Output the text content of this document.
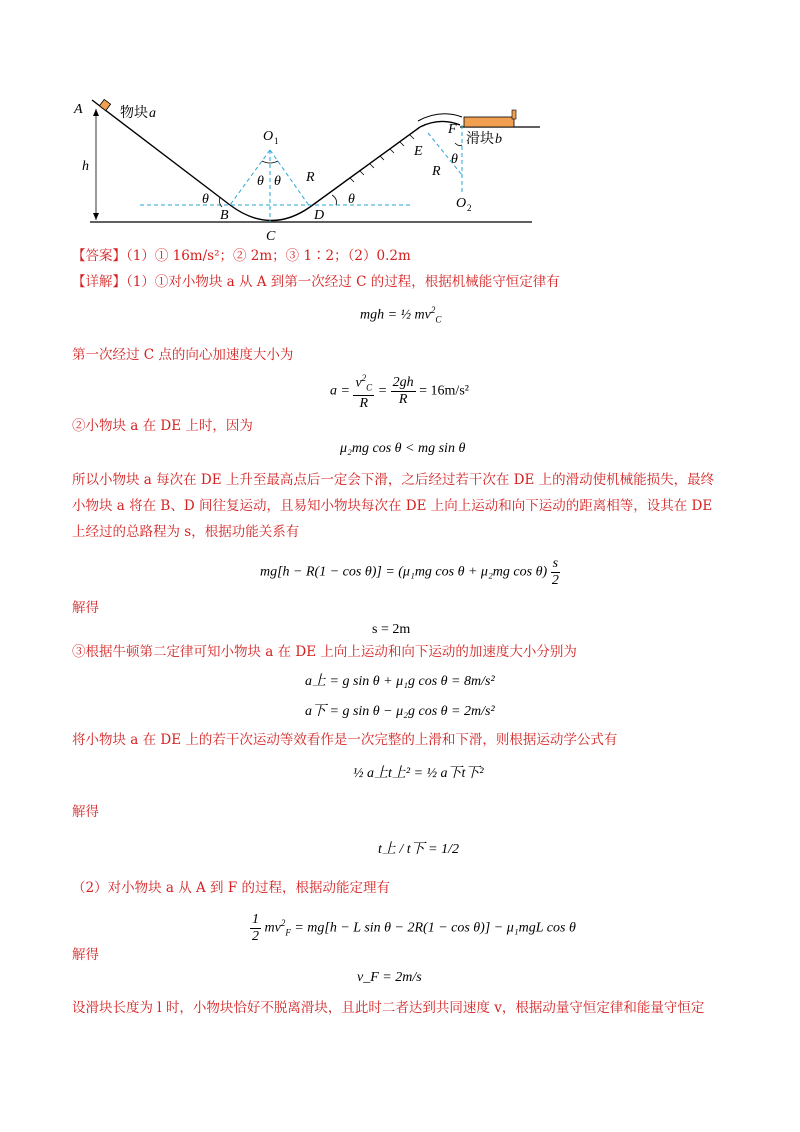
A
h
B
C
D
E
F
O 1
O 2
R	R
θ
θ θ
θ
θ
物块 a
滑块 b
【答案】（1）① 16m/s²；② 2m；③ 1∶2；（2）0.2m
【详解】（1）①对小物块 a 从 A 到第一次经过 C 的过程，根据机械能守恒定律有
mgh = ½ $mv^2_C$
第一次经过 C 点的向心加速度大小为
$a = \frac{v^2_C}{R} = \frac{2gh}{R} = 16m/s^2$
②小物块 a 在 DE 上时，因为
μ₂mg cos θ < mg sin θ
所以小物块 a 每次在 DE 上升至最高点后一定会下滑，之后经过若干次在 DE 上的滑动使机械能损失，最终
小物块 a 将在 B、D 间往复运动，且易知小物块每次在 DE 上向上运动和向下运动的距离相等，设其在 DE
上经过的总路程为 s，根据功能关系有
mg[h − R(1 − cos θ)] = (μ₁mg cos θ + μ₂mg $\cos \theta) \frac{s}{2}$
解得
s = 2m
③根据牛顿第二定律可知小物块 a 在 DE 上向上运动和向下运动的加速度大小分别为
a上 = g sin θ + μ₁g cos θ = 8m/s²
a下 = g sin θ − μ₂g cos θ = 2m/s²
将小物块 a 在 DE 上的若干次运动等效看作是一次完整的上滑和下滑，则根据运动学公式有
½ a上t上² = ½ a下t下²
解得
t上 / t下 = 1/2
（2）对小物块 a 从 A 到 F 的过程，根据动能定理有
$\frac{1}{2} mv^2_F = mg[h - L$ sin θ − 2R(1 − cos θ)] − μ₁mgL cos θ
解得
v_F = 2m/s
设滑块长度为 l 时，小物块恰好不脱离滑块，且此时二者达到共同速度 v，根据动量守恒定律和能量守恒定
